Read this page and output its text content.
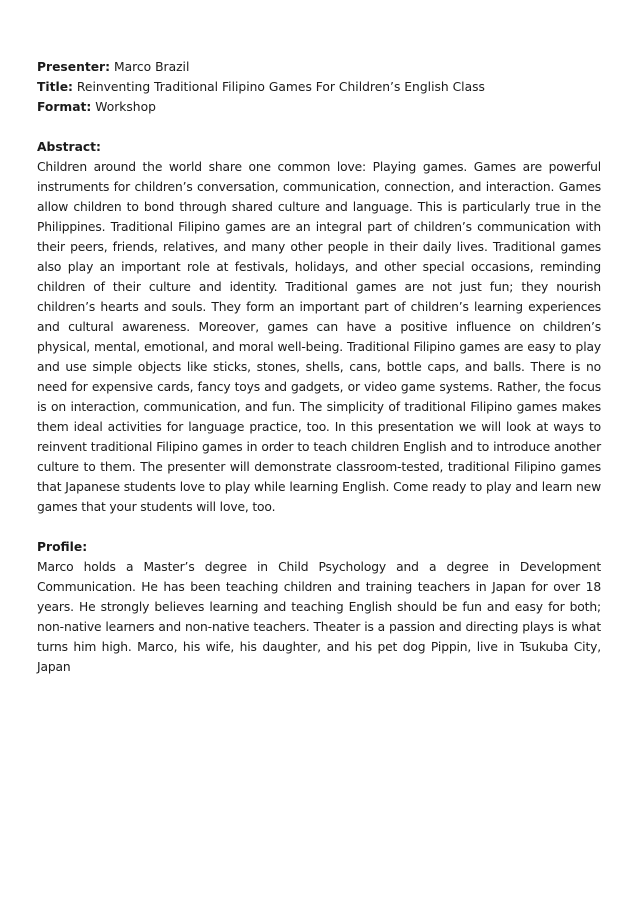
Presenter: Marco Brazil

Title: Reinventing Traditional Filipino Games For Children’s English Class

Format: Workshop

Abstract:

Children around the world share one common love: Playing games. Games are powerful instruments for children’s conversation, communication, connection, and interaction. Games allow children to bond through shared culture and language. This is particularly true in the Philippines. Traditional Filipino games are an integral part of children’s communication with their peers, friends, relatives, and many other people in their daily lives. Traditional games also play an important role at festivals, holidays, and other special occasions, reminding children of their culture and identity. Traditional games are not just fun; they nourish children’s hearts and souls. They form an important part of children’s learning experiences and cultural awareness. Moreover, games can have a positive influence on children’s physical, mental, emotional, and moral well-being. Traditional Filipino games are easy to play and use simple objects like sticks, stones, shells, cans, bottle caps, and balls. There is no need for expensive cards, fancy toys and gadgets, or video game systems. Rather, the focus is on interaction, communication, and fun. The simplicity of traditional Filipino games makes them ideal activities for language practice, too. In this presentation we will look at ways to reinvent traditional Filipino games in order to teach children English and to introduce another culture to them. The presenter will demonstrate classroom-tested, traditional Filipino games that Japanese students love to play while learning English. Come ready to play and learn new games that your students will love, too.

Profile:

Marco holds a Master’s degree in Child Psychology and a degree in Development Communication. He has been teaching children and training teachers in Japan for over 18 years. He strongly believes learning and teaching English should be fun and easy for both; non-native learners and non-native teachers. Theater is a passion and directing plays is what turns him high. Marco, his wife, his daughter, and his pet dog Pippin, live in Tsukuba City, Japan
